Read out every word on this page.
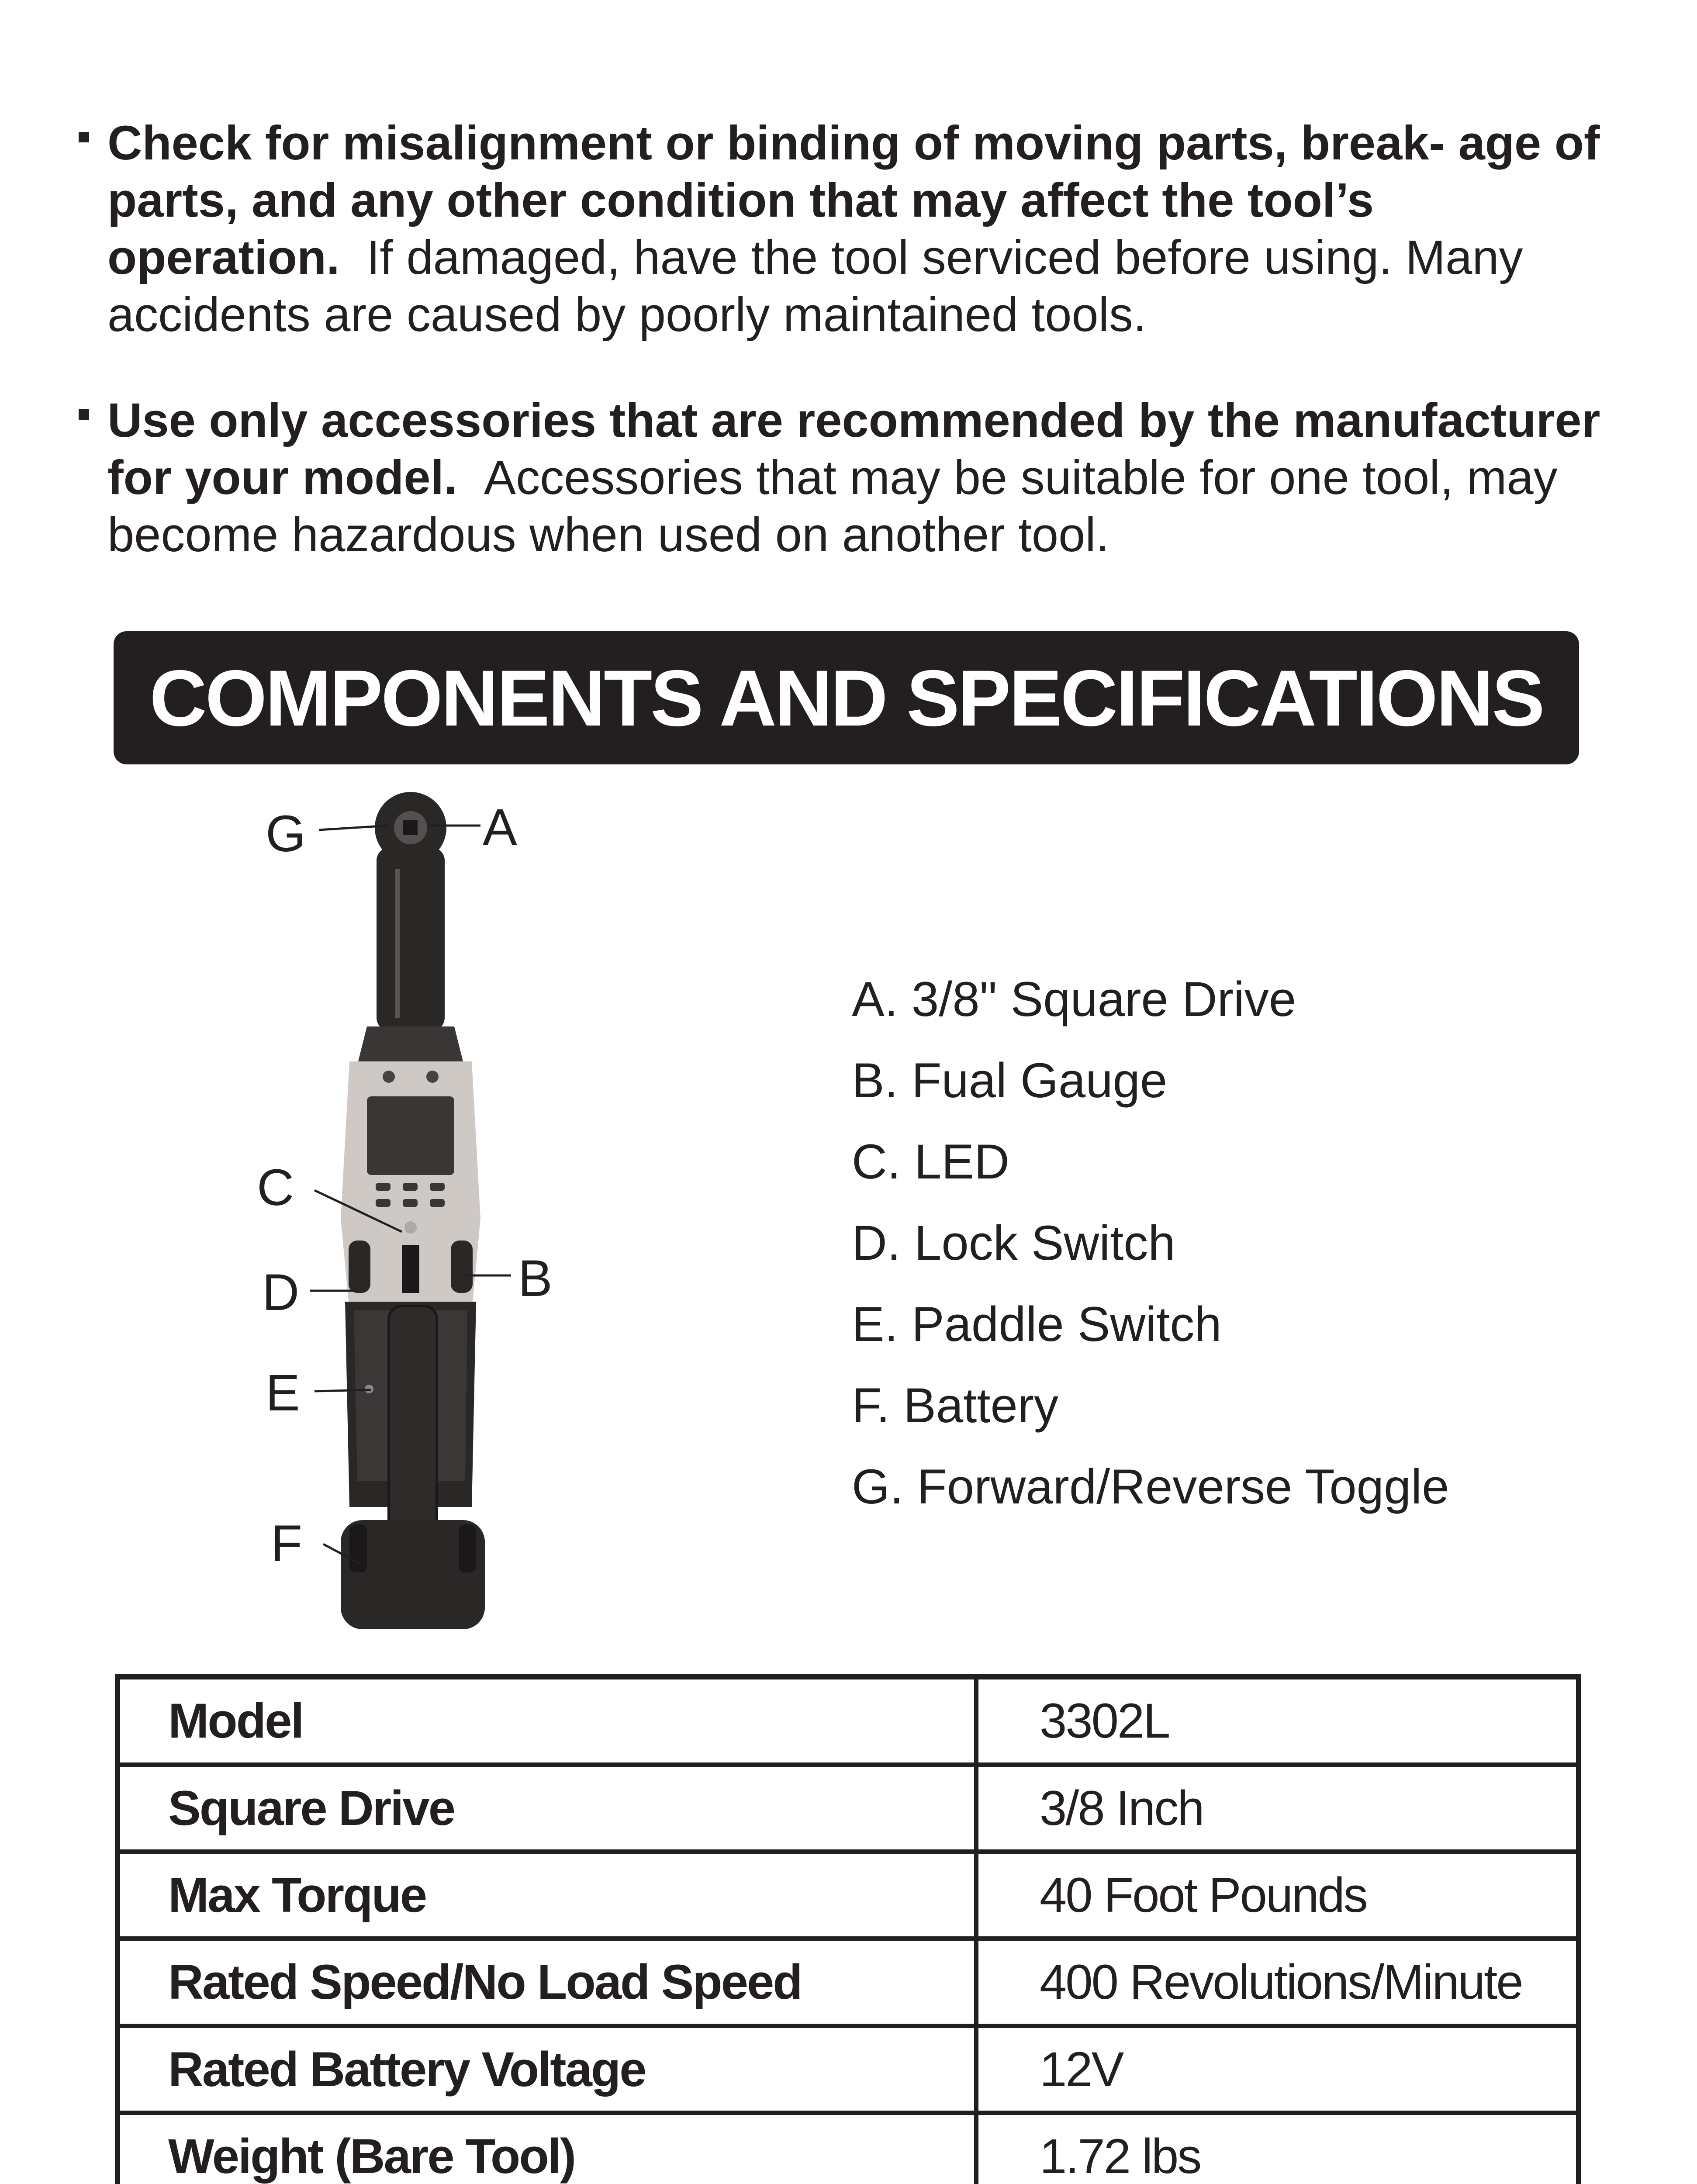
Check for misalignment or binding of moving parts, break- age of parts, and any other condition that may affect the tool’s operation. If damaged, have the tool serviced before using. Many accidents are caused by poorly maintained tools.
Use only accessories that are recommended by the manufacturer for your model. Accessories that may be suitable for one tool, may become hazardous when used on another tool.
COMPONENTS AND SPECIFICATIONS
G	A
C
D	B
E
F
A. 3/8" Square Drive
B. Fual Gauge
C. LED
D. Lock Switch
E. Paddle Switch
F. Battery
G. Forward/Reverse Toggle
Model	3302L
Square Drive	3/8 Inch
Max Torque	40 Foot Pounds
Rated Speed/No Load Speed	400 Revolutions/Minute
Rated Battery Voltage	12V
Weight (Bare Tool)	1.72 lbs
